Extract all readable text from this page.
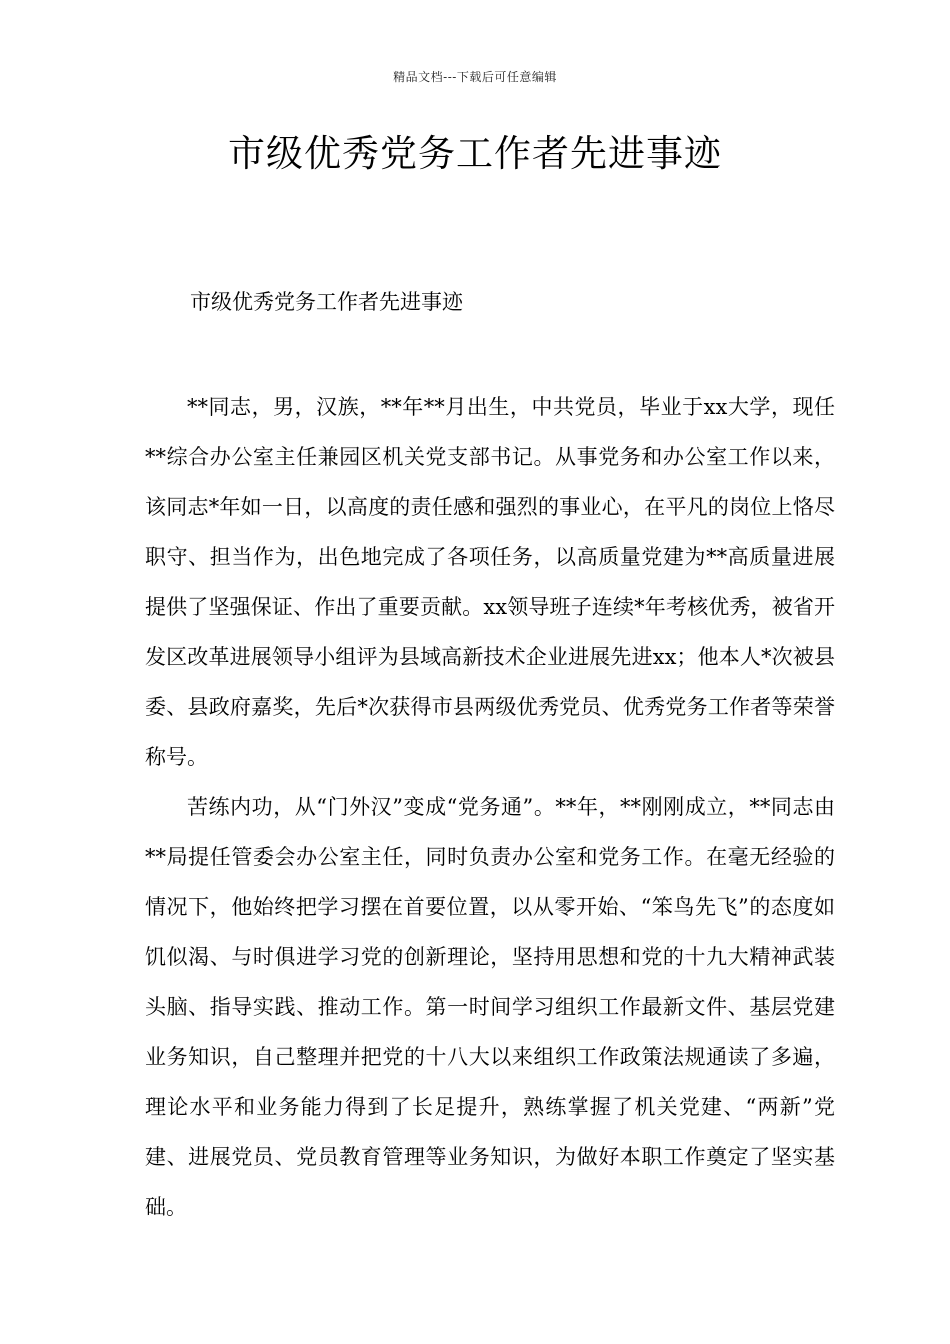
精品文档---下载后可任意编辑
市级优秀党务工作者先进事迹
市级优秀党务工作者先进事迹

**同志，男，汉族，**年**月出生，中共党员，毕业于xx大学，现任**综合办公室主任兼园区机关党支部书记。从事党务和办公室工作以来，该同志*年如一日，以高度的责任感和强烈的事业心，在平凡的岗位上恪尽职守、担当作为，出色地完成了各项任务，以高质量党建为**高质量进展提供了坚强保证、作出了重要贡献。xx领导班子连续*年考核优秀，被省开发区改革进展领导小组评为县域高新技术企业进展先进xx；他本人*次被县委、县政府嘉奖，先后*次获得市县两级优秀党员、优秀党务工作者等荣誉称号。

苦练内功，从“门外汉”变成“党务通”。**年，**刚刚成立，**同志由**局提任管委会办公室主任，同时负责办公室和党务工作。在毫无经验的情况下，他始终把学习摆在首要位置，以从零开始、“笨鸟先飞”的态度如饥似渴、与时俱进学习党的创新理论，坚持用思想和党的十九大精神武装头脑、指导实践、推动工作。第一时间学习组织工作最新文件、基层党建业务知识，自己整理并把党的十八大以来组织工作政策法规通读了多遍，理论水平和业务能力得到了长足提升，熟练掌握了机关党建、“两新”党建、进展党员、党员教育管理等业务知识，为做好本职工作奠定了坚实基础。
